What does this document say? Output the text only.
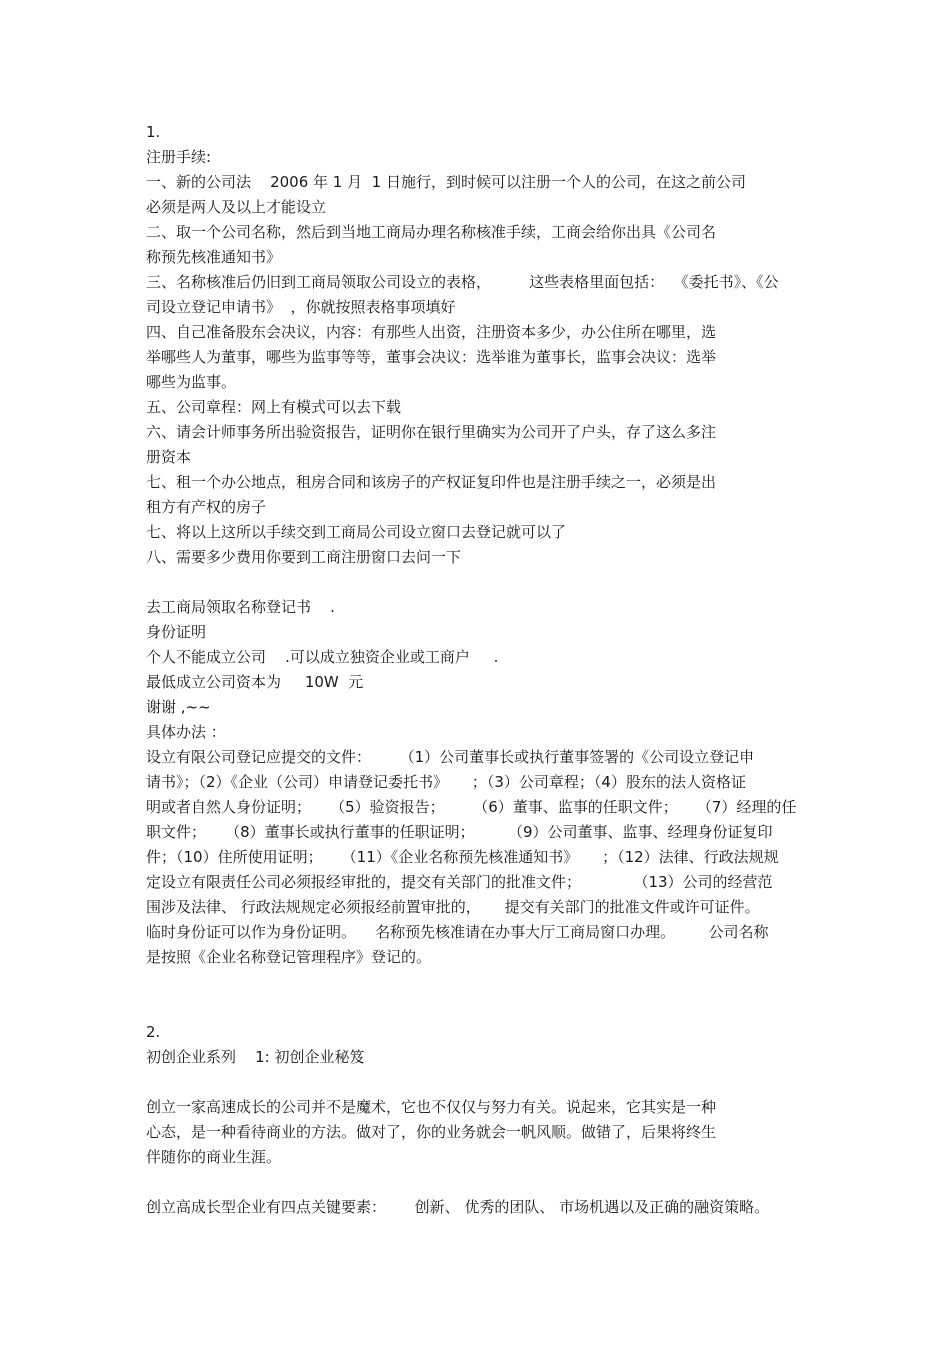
1.
注册手续:
一、新的公司法    2006 年 1 月  1 日施行，到时候可以注册一个人的公司，在这之前公司
必须是两人及以上才能设立
二、取一个公司名称，然后到当地工商局办理名称核准手续，工商会给你出具《公司名
称预先核准通知书》
三、名称核准后仍旧到工商局领取公司设立的表格，        这些表格里面包括：  《委托书》、《公
司设立登记申请书》  ，你就按照表格事项填好
四、自己准备股东会决议，内容：有那些人出资，注册资本多少，办公住所在哪里，选
举哪些人为董事，哪些为监事等等，董事会决议：选举谁为董事长，监事会决议：选举
哪些为监事。
五、公司章程：网上有模式可以去下载
六、请会计师事务所出验资报告，证明你在银行里确实为公司开了户头，存了这么多注
册资本
七、租一个办公地点，租房合同和该房子的产权证复印件也是注册手续之一，必须是出
租方有产权的房子
七、将以上这所以手续交到工商局公司设立窗口去登记就可以了
八、需要多少费用你要到工商注册窗口去问一下
去工商局领取名称登记书    .
身份证明
个人不能成立公司    .可以成立独资企业或工商户     .
最低成立公司资本为     10W  元
谢谢 ,~~
具体办法 ：
设立有限公司登记应提交的文件：      （1）公司董事长或执行董事签署的《公司设立登记申
请书》；（2）《企业（公司）申请登记委托书》     ；（3）公司章程；（4）股东的法人资格证
明或者自然人身份证明；    （5）验资报告；      （6）董事、监事的任职文件；    （7）经理的任
职文件；    （8）董事长或执行董事的任职证明；       （9）公司董事、监事、经理身份证复印
件；（10）住所使用证明；    （11）《企业名称预先核准通知书》     ；（12）法律、行政法规规
定设立有限责任公司必须报经审批的，提交有关部门的批准文件；           （13）公司的经营范
围涉及法律、 行政法规规定必须报经前置审批的，     提交有关部门的批准文件或许可证件。
临时身份证可以作为身份证明。    名称预先核准请在办事大厅工商局窗口办理。       公司名称
是按照《企业名称登记管理程序》登记的。
2.
初创企业系列    1: 初创企业秘笈
创立一家高速成长的公司并不是魔术，它也不仅仅与努力有关。说起来，它其实是一种
心态，是一种看待商业的方法。做对了，你的业务就会一帆风顺。做错了，后果将终生
伴随你的商业生涯。
创立高成长型企业有四点关键要素：      创新、 优秀的团队、 市场机遇以及正确的融资策略。
